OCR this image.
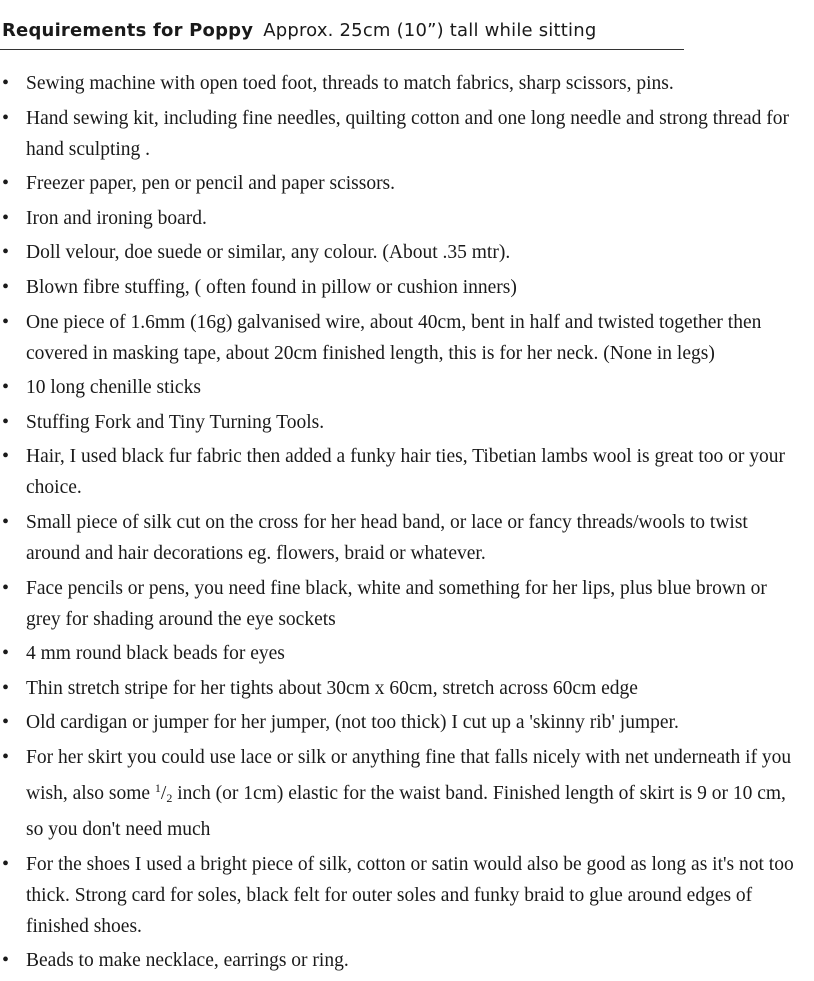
Requirements for Poppy Approx. 25cm (10”) tall while sitting
• Sewing machine with open toed foot, threads to match fabrics, sharp scissors, pins.
• Hand sewing kit, including fine needles, quilting cotton and one long needle and strong thread for hand sculpting .
• Freezer paper, pen or pencil and paper scissors.
• Iron and ironing board.
• Doll velour, doe suede or similar, any colour. (About .35 mtr).
• Blown fibre stuffing, ( often found in pillow or cushion inners)
• One piece of 1.6mm (16g) galvanised wire, about 40cm, bent in half and twisted together then covered in masking tape, about 20cm finished length, this is for her neck. (None in legs)
• 10 long chenille sticks
• Stuffing Fork and Tiny Turning Tools.
• Hair, I used black fur fabric then added a funky hair ties, Tibetian lambs wool is great too or your choice.
• Small piece of silk cut on the cross for her head band, or lace or fancy threads/wools to twist around and hair decorations eg. flowers, braid or whatever.
• Face pencils or pens, you need fine black, white and something for her lips, plus blue brown or grey for shading around the eye sockets
• 4 mm round black beads for eyes
• Thin stretch stripe for her tights about 30cm x 60cm, stretch across 60cm edge
• Old cardigan or jumper for her jumper, (not too thick) I cut up a 'skinny rib' jumper.
• For her skirt you could use lace or silk or anything fine that falls nicely with net underneath if you wish, also some $^1/_2$ inch (or 1cm) elastic for the waist band. Finished length of skirt is 9 or 10 cm, so you don't need much
• For the shoes I used a bright piece of silk, cotton or satin would also be good as long as it's not too thick. Strong card for soles, black felt for outer soles and funky braid to glue around edges of finished shoes.
• Beads to make necklace, earrings or ring.
